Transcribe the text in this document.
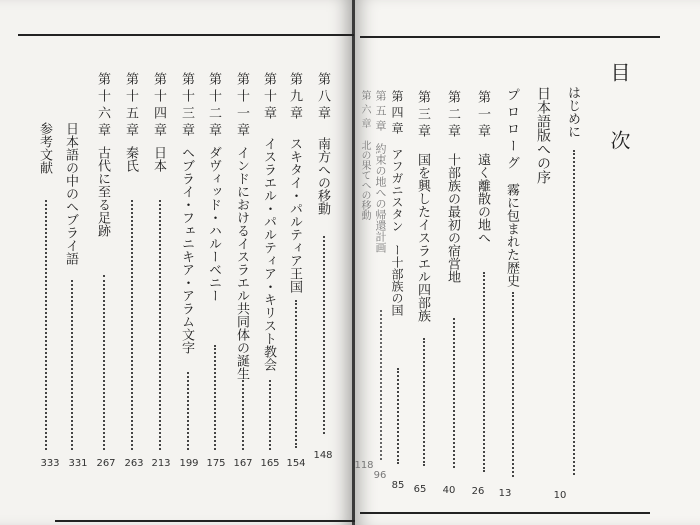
目　次
はじめに
10
日本語版への序
プロローグ霧に包まれた歴史
13
第一章遠く離散の地へ
26
第二章十部族の最初の宿営地
40
第三章国を興したイスラエル四部族
65
第四章アフガニスタン　ー十部族の国
85
第五章約束の地への帰還計画
96
第六章北の果てへの移動
118
第八章南方への移動
148
第九章スキタイ・パルティア王国
154
第十章イスラエル・パルティア・キリスト教会
165
第十一章インドにおけるイスラエル共同体の誕生
167
第十二章ダヴィッド・ハルーベニー
175
第十三章ヘブライ・フェニキア・アラム文字
199
第十四章日本
213
第十五章秦氏
263
第十六章古代に至る足跡
267
日本語の中のヘブライ語
331
参考文献
333
